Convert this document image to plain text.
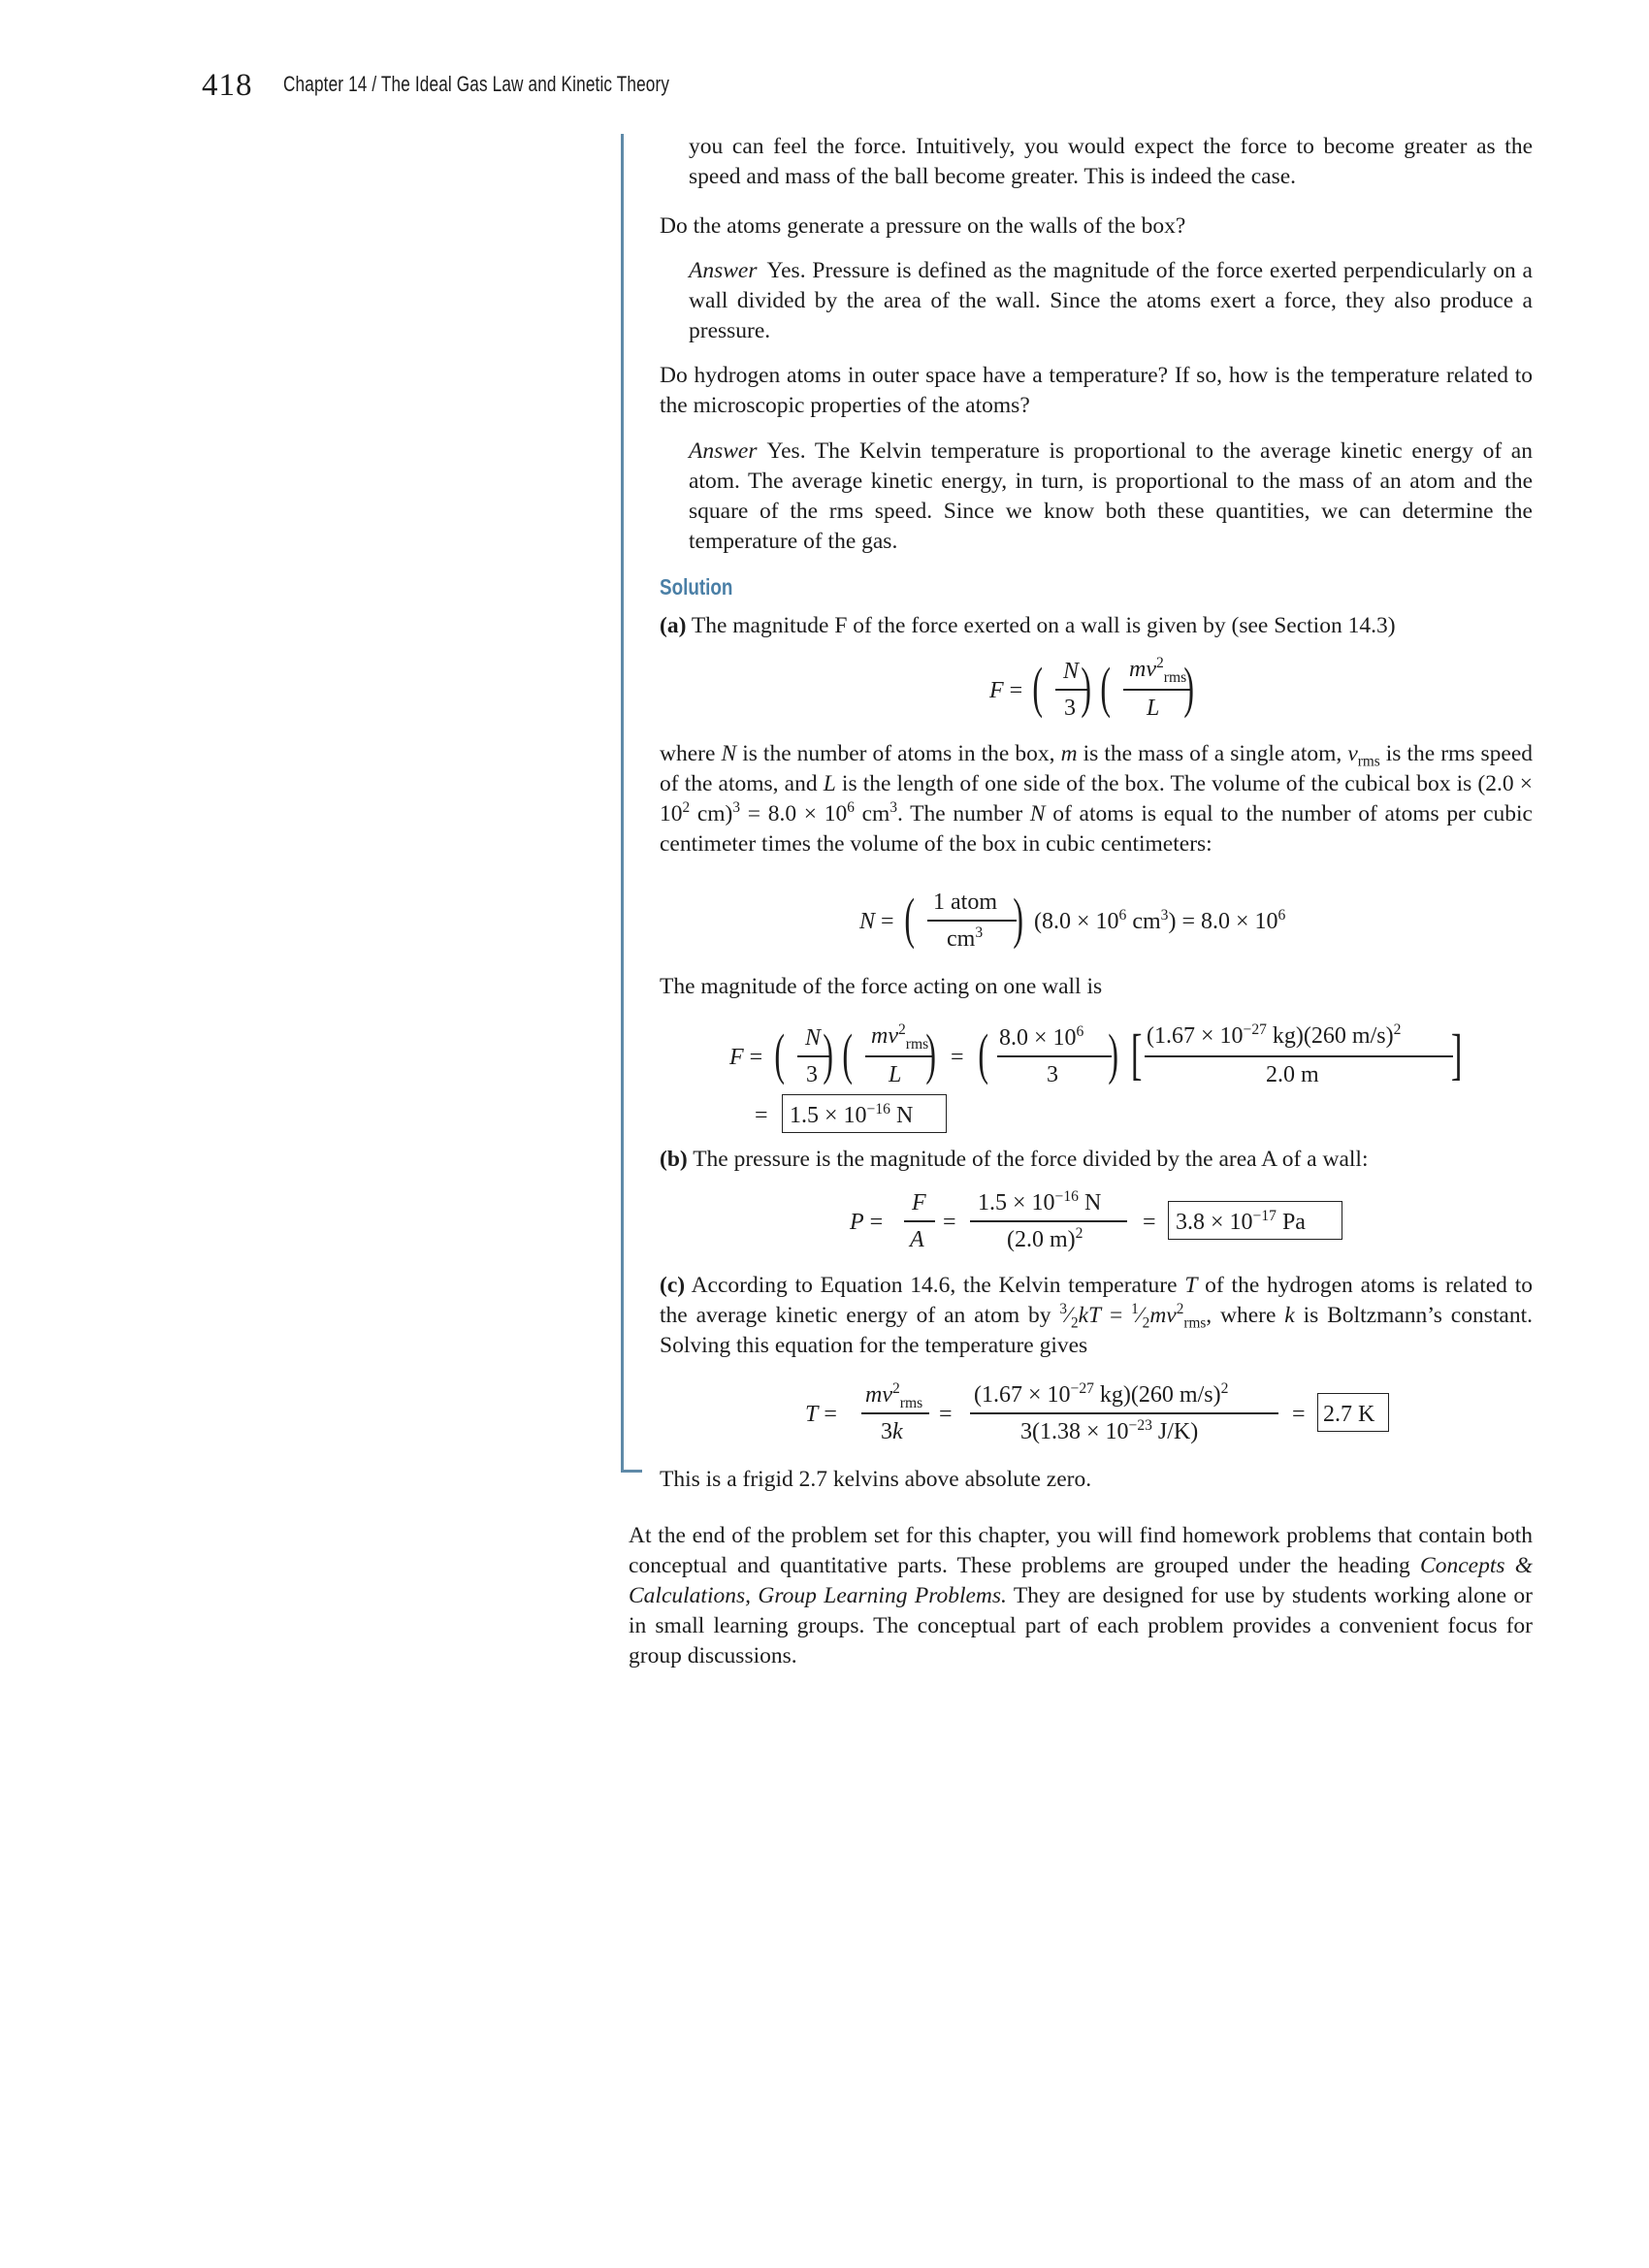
418 Chapter 14 / The Ideal Gas Law and Kinetic Theory

you can feel the force. Intuitively, you would expect the force to become greater as the speed and mass of the ball become greater. This is indeed the case.

Do the atoms generate a pressure on the walls of the box?

Answer Yes. Pressure is defined as the magnitude of the force exerted perpendicularly on a wall divided by the area of the wall. Since the atoms exert a force, they also produce a pressure.

Do hydrogen atoms in outer space have a temperature? If so, how is the temperature related to the microscopic properties of the atoms?

Answer Yes. The Kelvin temperature is proportional to the average kinetic energy of an atom. The average kinetic energy, in turn, is proportional to the mass of an atom and the square of the rms speed. Since we know both these quantities, we can determine the temperature of the gas.

Solution

(a) The magnitude F of the force exerted on a wall is given by (see Section 14.3)

F = ( N
3 ) ( $mv^2_{rms}$
L )

where N is the number of atoms in the box, m is the mass of a single atom, $v_{rms}$ is the rms speed of the atoms, and L is the length of one side of the box. The volume of the cubical box is ($2.0 \times 10^2$ $cm)^3 = 8.0 \times 10^6$ $cm^3$. The number N of atoms is equal to the number of atoms per cubic centimeter times the volume of the box in cubic centimeters:

N = ( 1 atom
$cm^3$ ) ($8.0 \times 10^6$ $cm^3) = 8.0 \times 10^6$

The magnitude of the force acting on one wall is

F = ( N
3 ) ( $mv^2_{rms}$
L ) = ( $8.0 \times 10^6$
3 ) [ ($1.67 \times 10^{-27}$ kg)(260 m/s)$^2$
2.0 m ]
= $1.5 \times 10^{-16}$ N

(b) The pressure is the magnitude of the force divided by the area A of a wall:

P =
F
A
=
$1.5 \times 10^{-16}$ N
(2.0 m)$^2$	= $3.8 \times 10^{-17}$ Pa

(c) According to Equation 14.6, the Kelvin temperature T of the hydrogen atoms is related to the average kinetic energy of an atom by $^3⁄_2kT$ = $^1⁄_2mv^2_{rms}$, where k is Boltzmann’s constant. Solving this equation for the temperature gives

T =
$mv^2_{rms}$
3k
=
($1.67 \times 10^{-27}$ kg)(260 m/s)$^2$
$3(1.38 \times 10^{-23}$ J/K)
= 2.7 K

This is a frigid 2.7 kelvins above absolute zero.

At the end of the problem set for this chapter, you will find homework problems that contain both conceptual and quantitative parts. These problems are grouped under the heading Concepts & Calculations, Group Learning Problems. They are designed for use by students working alone or in small learning groups. The conceptual part of each problem provides a convenient focus for group discussions.
